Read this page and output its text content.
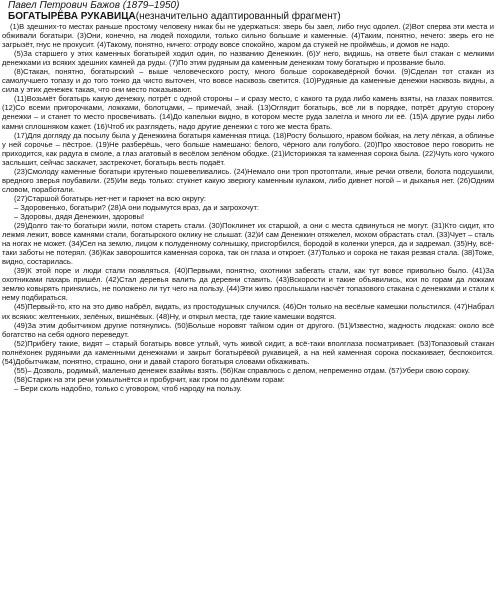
Павел Петрович Бажов (1879–1950)
БОГАТЫРЁВА РУКАВИЦА(незначительно адаптированный фрагмент)

(1)В здешних-то местах раньше простому человеку никак бы не удержаться: зверь бы заел, либо гнус одолел. (2)Вот сперва эти места и обживали богатыри. (3)Они, конечно, на людей походили, только сильно большие и каменные. (4)Таким, понятно, нечего: зверь его не загрызёт, гнус не прокусит. (4)Такому, понятно, ничего: отроду вовсе спокойно, жаром да стужей не проймёшь, и домов не надо.

(5)За старшего у этих каменных богатырей ходил один, по названию Денежкин. (6)У него, видишь, на ответе был стакан с мелкими денежками из всяких здешних камней да руды. (7)По этим рудяным да каменным денежкам тому богатырю и прозвание было.

(8)Стакан, понятно, богатырский – выше человеческого росту, много больше сорокаведёрной бочки. (9)Сделан тот стакан из самолучшего топазу и до того тонко да чисто выточен, что вовсе насквозь светится. (10)Рудяные да каменные денежки насквозь видны, а сила у этих денежек такая, что они место показывают.

(11)Возьмёт богатырь какую денежку, потрёт с одной стороны – и сразу место, с какого та руда либо камень взяты, на глазах появится. (12)Со всеми пригорочками, ложками, болотцами, – примечай, знай. (13)Оглядит богатырь, всё ли в порядке, потрёт другую сторону денежки – и станет то место просвечивать. (14)До капельки видно, в котором месте руда залегла и много ли её. (15)А другие руды либо камни сплошняком кажет. (16)Чтоб их разглядеть, надо другие денежки с того же места брать.

(17)Для догляду да посылу была у Денежкина богатыря каменная птица. (18)Росту большого, нравом бойкая, на лету лёгкая, а облинье у ней сорочье – пёстрое. (19)Не разберёшь, чего больше намешано: белого, чёрного али голубого. (20)Про хвостовое перо говорить не приходится, как радуга в смоле, а глаз агатовый в весёлом зелёном ободке. (21)Историжкая та каменная сорока была. (22)Чуть кого чужого заслышит, сейчас заскачет, застрекочет, богатырь весть подаёт.

(23)Смолоду каменные богатыри крутенько пошевеливались. (24)Немало они троп протоптали, иные речки отвели, болота подсушили, вредного зверья поубавили. (25)Им ведь только: стукнет какую зверюгу каменным кулаком, либо дивнет ногой – и дыханья нет. (26)Одним словом, поработали.

(27)Старшой богатырь нет-нет и гаркнет на всю округу:

– Здоровенько, богатыри? (28)А они подымутся враз, да и загрохочут:

– Здоровы, дядя Денежкин, здоровы!

(29)Долго так-то богатыри жили, потом стареть стали. (30)Поклинет их старшой, а они с места сдвинуться не могут. (31)Кто сидит, кто лежмя лежит, вовсе камнями стали, богатырского оклику не слышат. (32)И сам Денежкин отяжелел, мохом обрастать стал. (33)Чует – сталь на ногах не может. (34)Сел на землю, лицом к полуденному солнышку, присгорбился, бородой в коленки уперся, да и задремал. (35)Ну, всё-таки заботы не потерял. (36)Как заворошится каменная сорока, так он глаза и откроет. (37)Только и сорока не такая резвая стала. (38)Тоже, видно, состарилась.

(39)К этой поре и люди стали появляться. (40)Первыми, понятно, охотники забегать стали, как тут вовсе привольно было. (41)За охотниками пахарь пришёл. (42)Стал деревья валить да деревни ставить. (43)Вскорости и такие объявились, кои по горам да ложкам землю ковырять принялись, не положено ли тут чего на пользу. (44)Эти живо прослышали насчёт топазового стакана с денежками и стали к нему подбираться.

(45)Первый-то, кто на это диво набрёл, видать, из простодушных случился. (46)Он только на весёлые камешки польстился. (47)Набрал их всяких: желтеньких, зелёных, вишнёвых. (48)Ну, и открыл места, где такие камешки водятся.

(49)За этим добытчиком другие потянулись. (50)Больше норовят тайком один от другого. (51)Известно, жадность людская: около всё богатство на себя одного переведут.

(52)Прибёгу такие, видят – старый богатырь вовсе утлый, чуть живой сидит, а всё-таки вполглаза посматривает. (53)Топазовый стакан полнёхонек рудяными да каменными денежками и закрыт богатырёвой рукавицей, а на ней каменная сорока поскакивает, беспокоится. (54)Добытчикам, понятно, страшно, они и давай старого богатыря словами обхаживать.

(55)– Дозволь, родимый, маленько денежек взаймы взять. (56)Как справлюсь с делом, непременно отдам. (57)Убери свою сороку.

(58)Старик на эти речи ухмыльнётся и пробурчит, как гром по далёким горам:

– Бери сколь надобно, только с уговором, чтоб народу на пользу.
